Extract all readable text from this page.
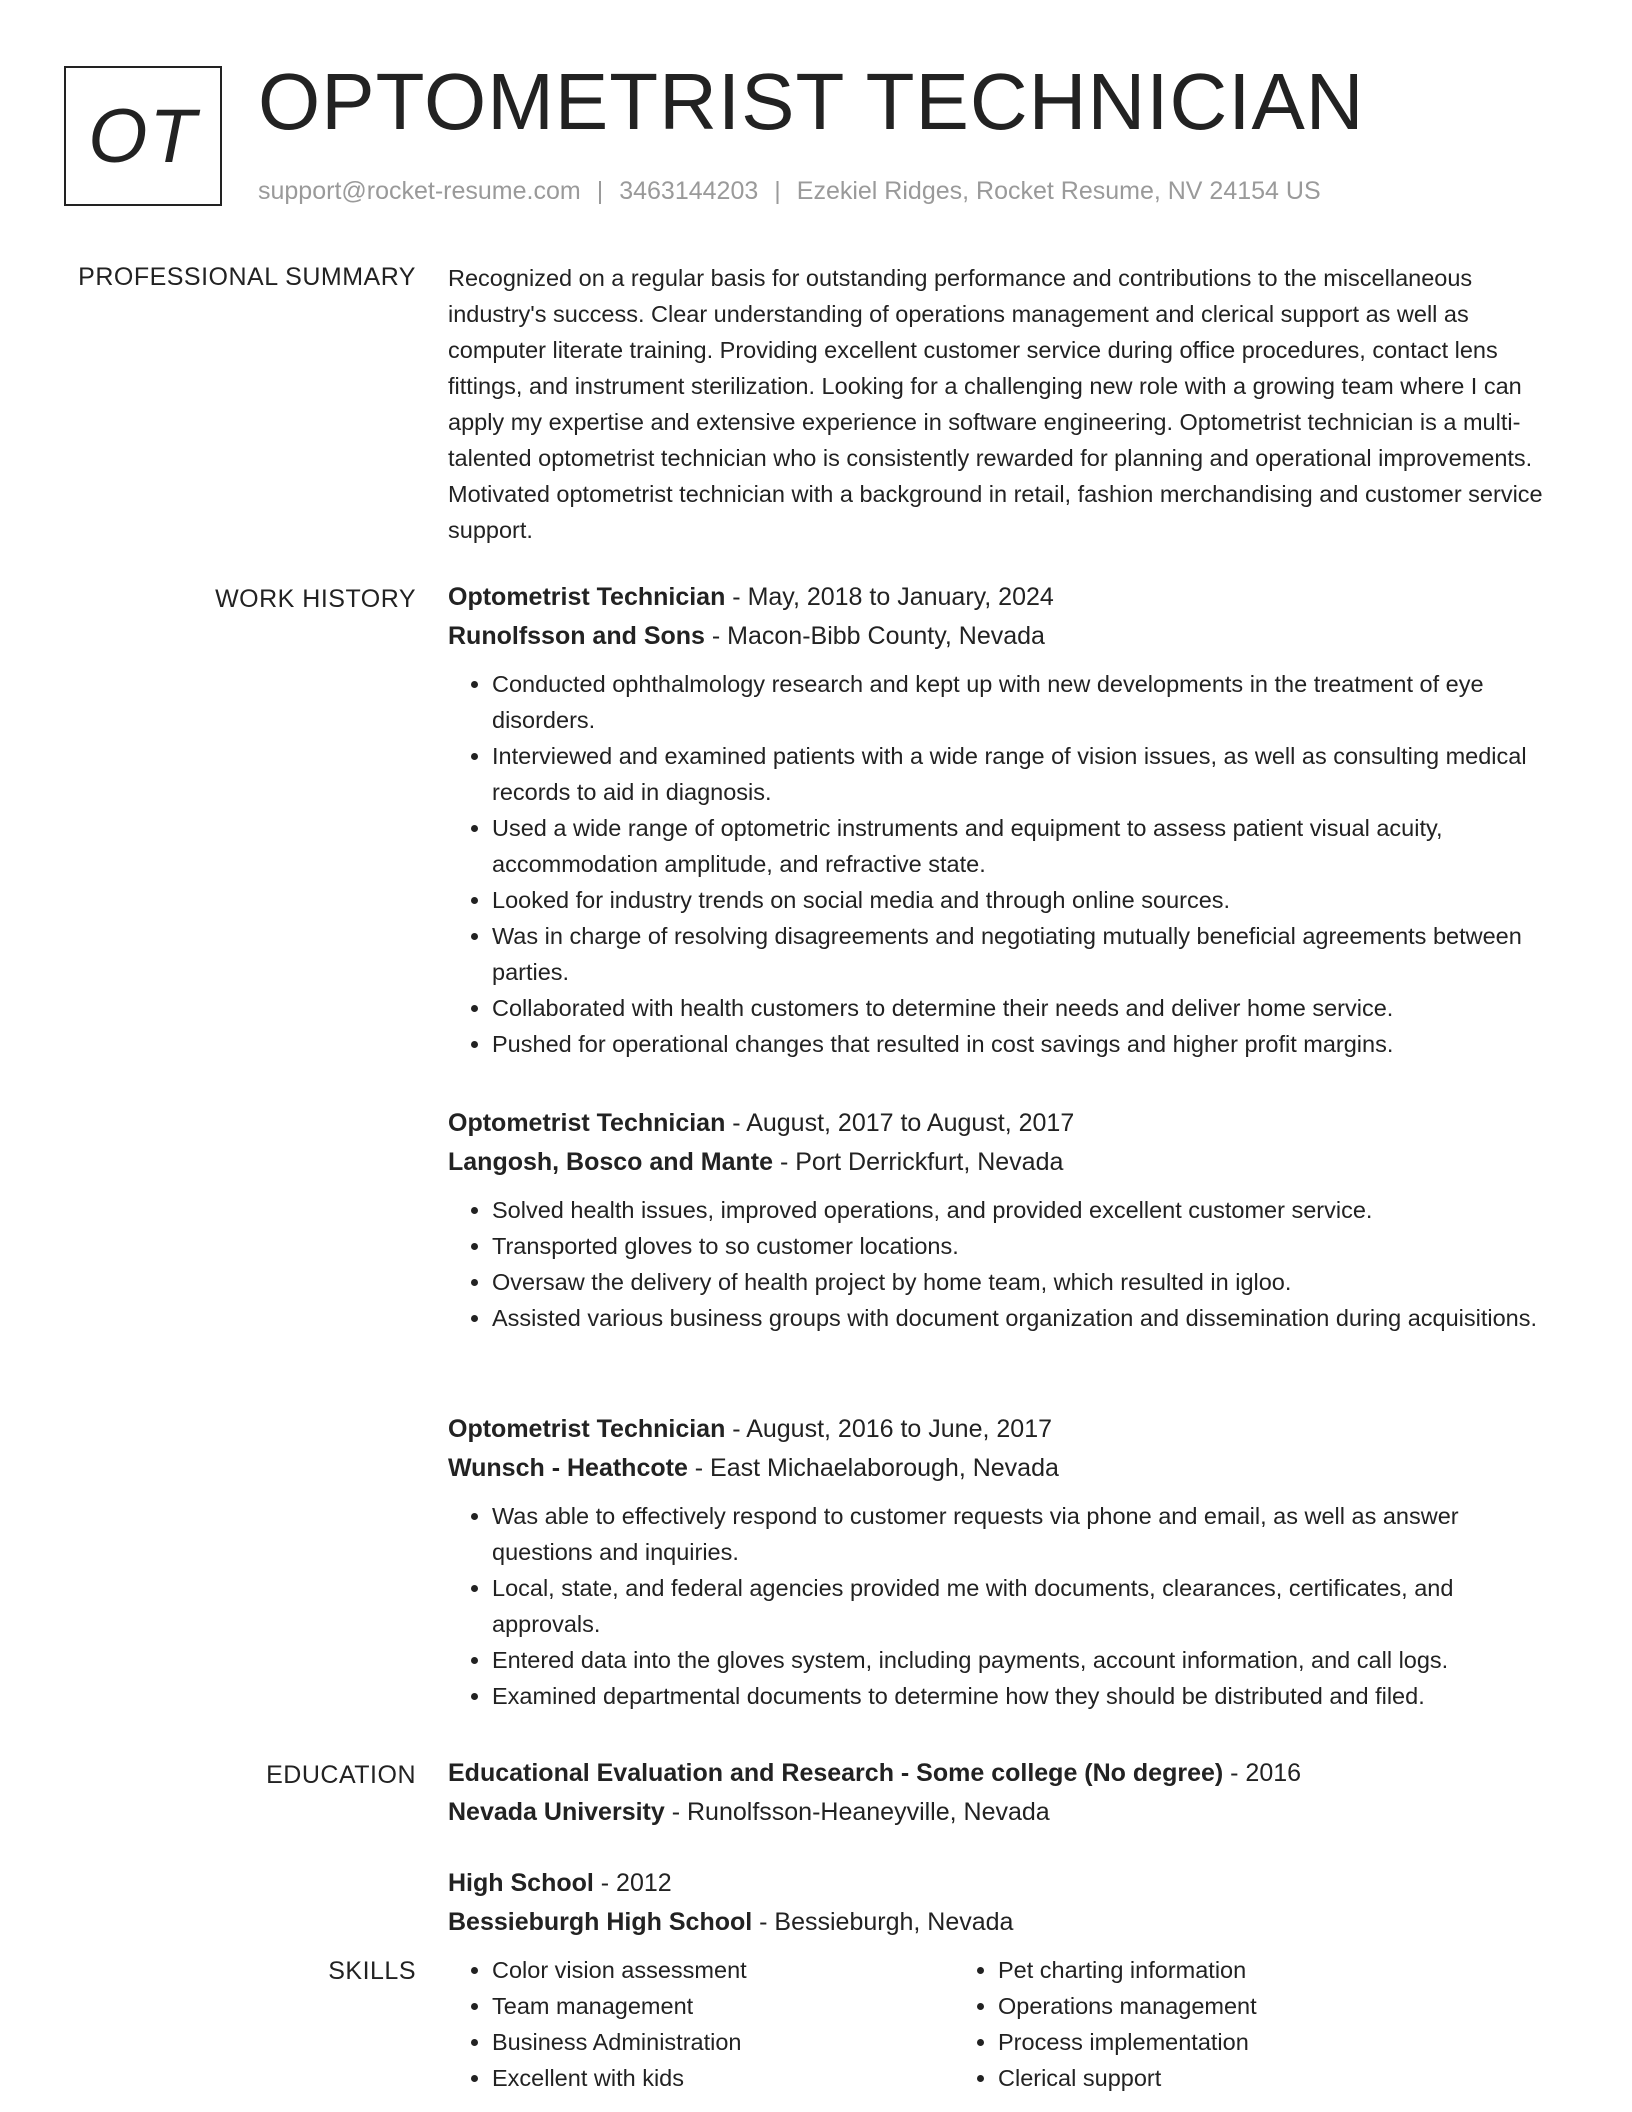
OT OPTOMETRIST TECHNICIAN
support@rocket-resume.com | 3463144203 | Ezekiel Ridges, Rocket Resume, NV 24154 US
PROFESSIONAL SUMMARY Recognized on a regular basis for outstanding performance and contributions to the miscellaneous industry's success. Clear understanding of operations management and clerical support as well as computer literate training. Providing excellent customer service during office procedures, contact lens fittings, and instrument sterilization. Looking for a challenging new role with a growing team where I can apply my expertise and extensive experience in software engineering. Optometrist technician is a multi-talented optometrist technician who is consistently rewarded for planning and operational improvements. Motivated optometrist technician with a background in retail, fashion merchandising and customer service support.

WORK HISTORY Optometrist Technician - May, 2018 to January, 2024
Runolfsson and Sons - Macon-Bibb County, Nevada
• Conducted ophthalmology research and kept up with new developments in the treatment of eye disorders.
• Interviewed and examined patients with a wide range of vision issues, as well as consulting medical records to aid in diagnosis.
• Used a wide range of optometric instruments and equipment to assess patient visual acuity, accommodation amplitude, and refractive state.
• Looked for industry trends on social media and through online sources.
• Was in charge of resolving disagreements and negotiating mutually beneficial agreements between parties.
• Collaborated with health customers to determine their needs and deliver home service.
• Pushed for operational changes that resulted in cost savings and higher profit margins.
Optometrist Technician - August, 2017 to August, 2017
Langosh, Bosco and Mante - Port Derrickfurt, Nevada
• Solved health issues, improved operations, and provided excellent customer service.
• Transported gloves to so customer locations.
• Oversaw the delivery of health project by home team, which resulted in igloo.
• Assisted various business groups with document organization and dissemination during acquisitions.
Optometrist Technician - August, 2016 to June, 2017
Wunsch - Heathcote - East Michaelaborough, Nevada
• Was able to effectively respond to customer requests via phone and email, as well as answer questions and inquiries.
• Local, state, and federal agencies provided me with documents, clearances, certificates, and approvals.
• Entered data into the gloves system, including payments, account information, and call logs.
• Examined departmental documents to determine how they should be distributed and filed.
EDUCATION Educational Evaluation and Research - Some college (No degree) - 2016
Nevada University - Runolfsson-Heaneyville, Nevada
High School - 2012
Bessieburgh High School - Bessieburgh, Nevada
SKILLS
•	Color vision assessment
• Team management
• Business Administration
• Excellent with kids
• Pet charting information
• Operations management
• Process implementation
• Clerical support
